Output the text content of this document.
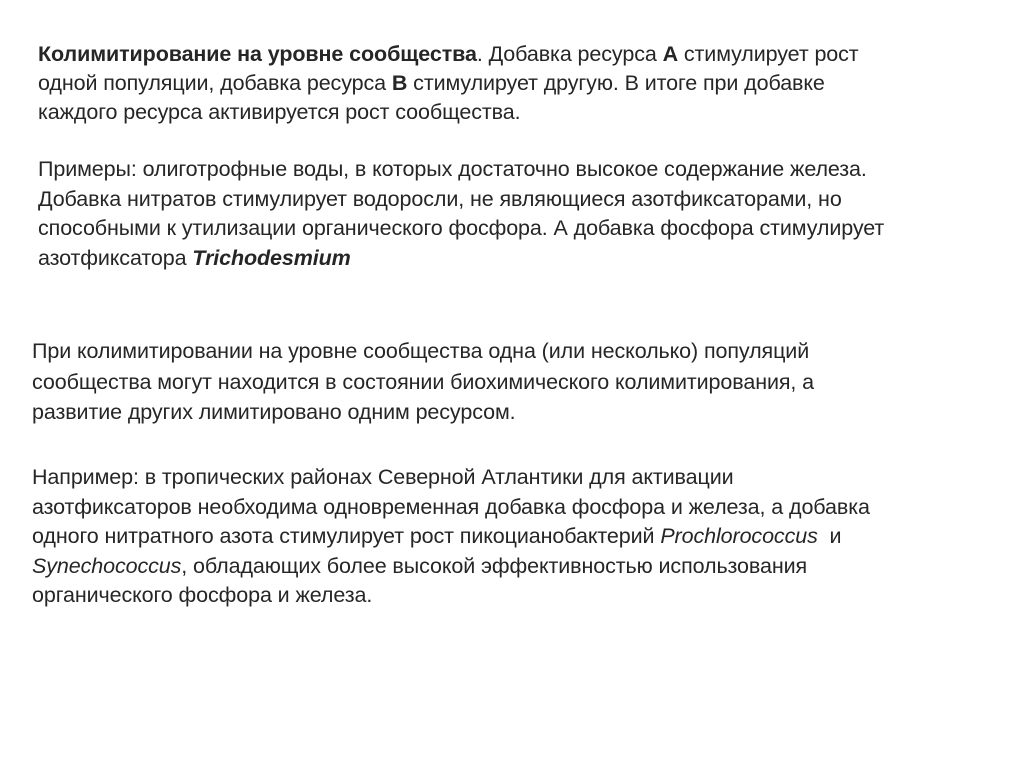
Колимитирование на уровне сообщества. Добавка ресурса А стимулирует рост
одной популяции, добавка ресурса В стимулирует другую. В итоге при добавке
каждого ресурса активируется рост сообщества.
Примеры: олиготрофные воды, в которых достаточно высокое содержание железа.
Добавка нитратов стимулирует водоросли, не являющиеся азотфиксаторами, но
способными к утилизации органического фосфора. А добавка фосфора стимулирует
азотфиксатора Trichodesmium
При колимитировании на уровне сообщества одна (или несколько) популяций
сообщества могут находится в состоянии биохимического колимитирования, а
развитие других лимитировано одним ресурсом.
Например: в тропических районах Северной Атлантики для активации
азотфиксаторов необходима одновременная добавка фосфора и железа, а добавка
одного нитратного азота стимулирует рост пикоцианобактерий Prochlorococcus  и
Synechococcus, обладающих более высокой эффективностью использования
органического фосфора и железа.
